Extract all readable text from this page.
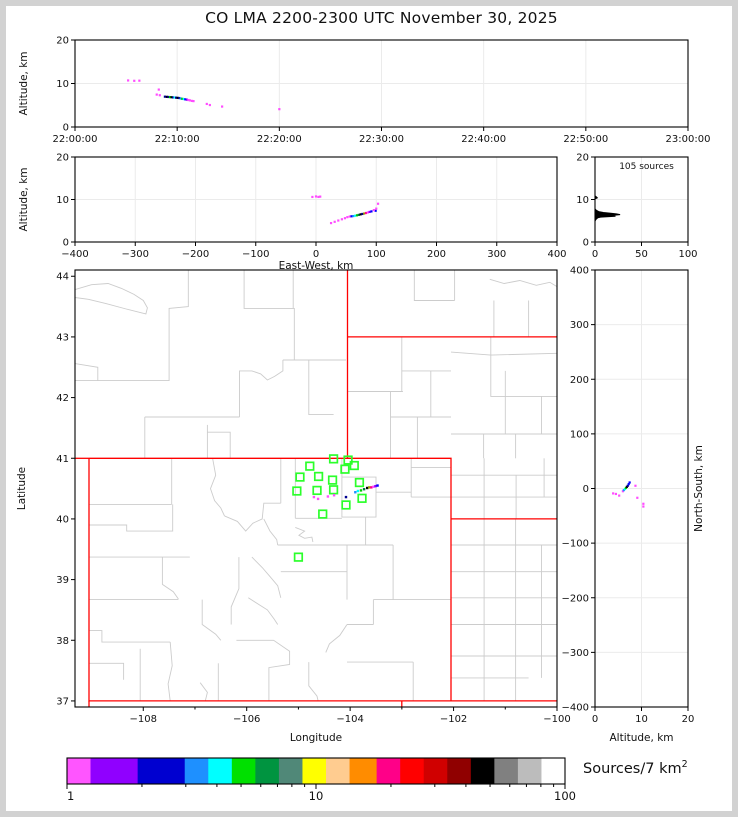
CO LMA 2200-2300 UTC November 30, 2025
22:00:00	22:10:00	22:20:00	22:30:00	22:40:00	22:50:00	23:00:00
0
10
20
Altitude, km
−400	−300	−200	−100	0	100	200	300	400
0
10
20
East-West, km
Altitude, km
0	50	100
0
10
20
105 sources
−108	−106	−104	−102	−100
37
38
39
40
41
42
43
44
Longitude
Latitude
0	10	20
400
300
200
100
0
−100
−200
−300
−400
Altitude, km
North-South, km
1	10	100
Sources/7 $km^2$
